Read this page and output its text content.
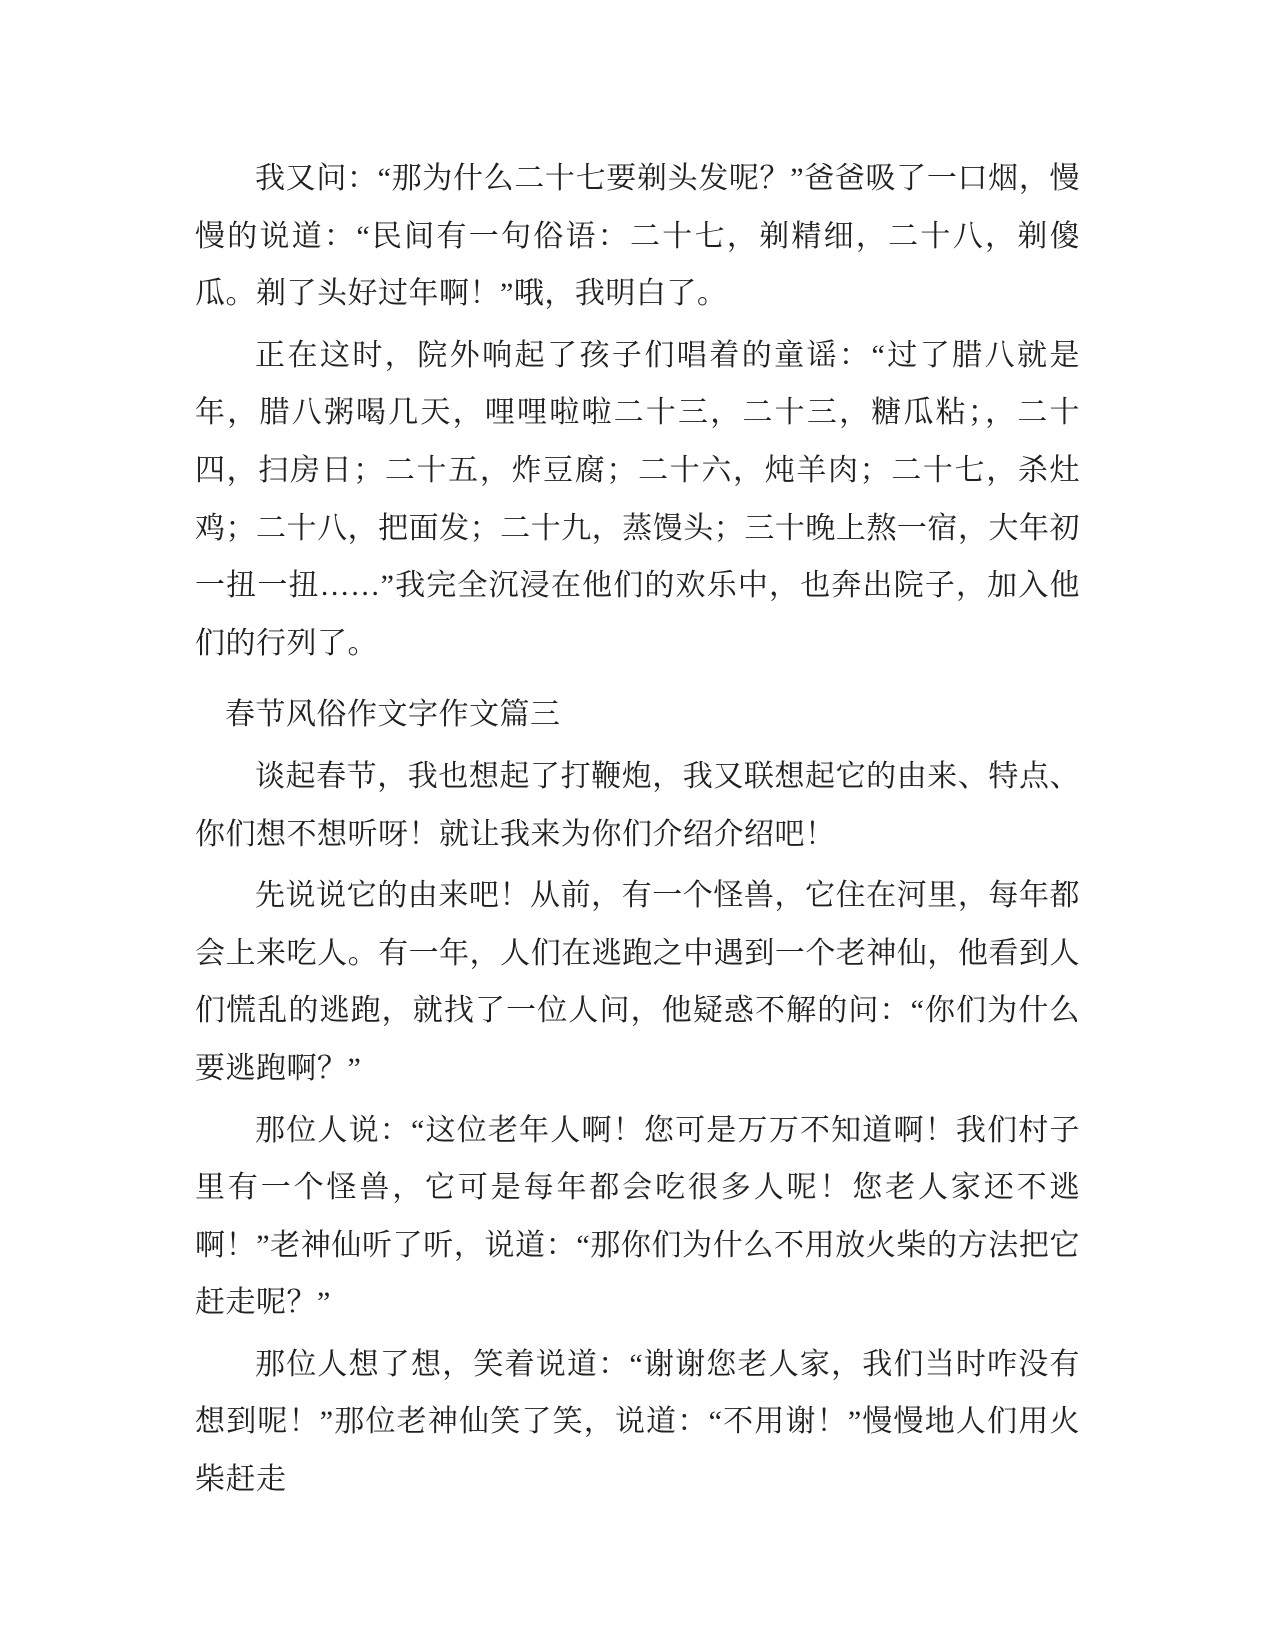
我又问：“那为什么二十七要剃头发呢？”爸爸吸了一口烟，慢慢的说道：“民间有一句俗语：二十七，剃精细，二十八，剃傻瓜。剃了头好过年啊！”哦，我明白了。

正在这时，院外响起了孩子们唱着的童谣：“过了腊八就是年，腊八粥喝几天，哩哩啦啦二十三，二十三，糖瓜粘；，二十四，扫房日；二十五，炸豆腐；二十六，炖羊肉；二十七，杀灶鸡；二十八，把面发；二十九，蒸馒头；三十晚上熬一宿，大年初一扭一扭……”我完全沉浸在他们的欢乐中，也奔出院子，加入他们的行列了。

春节风俗作文字作文篇三

谈起春节，我也想起了打鞭炮，我又联想起它的由来、特点、你们想不想听呀！就让我来为你们介绍介绍吧！

先说说它的由来吧！从前，有一个怪兽，它住在河里，每年都会上来吃人。有一年，人们在逃跑之中遇到一个老神仙，他看到人们慌乱的逃跑，就找了一位人问，他疑惑不解的问：“你们为什么要逃跑啊？”

那位人说：“这位老年人啊！您可是万万不知道啊！我们村子里有一个怪兽，它可是每年都会吃很多人呢！您老人家还不逃啊！”老神仙听了听，说道：“那你们为什么不用放火柴的方法把它赶走呢？”

那位人想了想，笑着说道：“谢谢您老人家，我们当时咋没有想到呢！”那位老神仙笑了笑，说道：“不用谢！”慢慢地人们用火柴赶走
